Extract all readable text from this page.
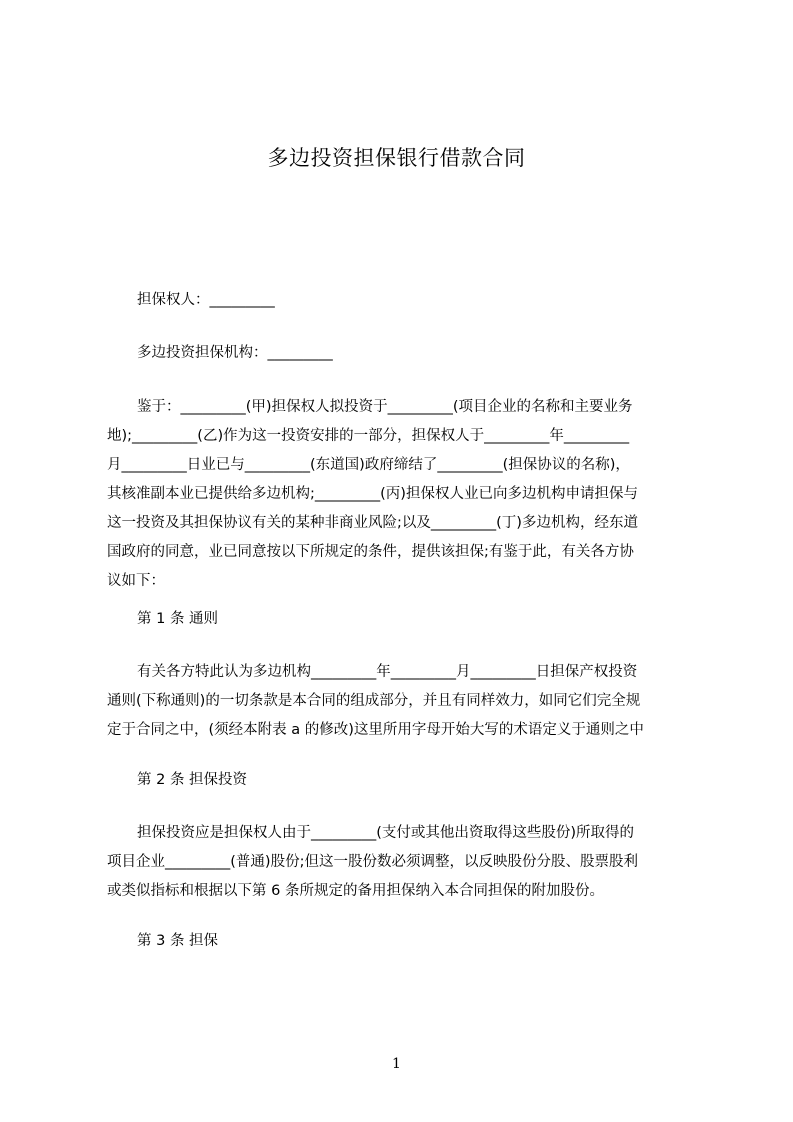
多边投资担保银行借款合同
担保权人：_________
多边投资担保机构：_________
鉴于：_________(甲)担保权人拟投资于_________(项目企业的名称和主要业务
地);_________(乙)作为这一投资安排的一部分，担保权人于_________年_________
月_________日业已与_________(东道国)政府缔结了_________(担保协议的名称)，
其核准副本业已提供给多边机构;_________(丙)担保权人业已向多边机构申请担保与
这一投资及其担保协议有关的某种非商业风险;以及_________(丁)多边机构，经东道
国政府的同意，业已同意按以下所规定的条件，提供该担保;有鉴于此，有关各方协
议如下：
第 1 条 通则
有关各方特此认为多边机构_________年_________月_________日担保产权投资
通则(下称通则)的一切条款是本合同的组成部分，并且有同样效力，如同它们完全规
定于合同之中，(须经本附表 a 的修改)这里所用字母开始大写的术语定义于通则之中
第 2 条 担保投资
担保投资应是担保权人由于_________(支付或其他出资取得这些股份)所取得的
项目企业_________(普通)股份;但这一股份数必须调整，以反映股份分股、股票股利
或类似指标和根据以下第 6 条所规定的备用担保纳入本合同担保的附加股份。
第 3 条 担保
1
